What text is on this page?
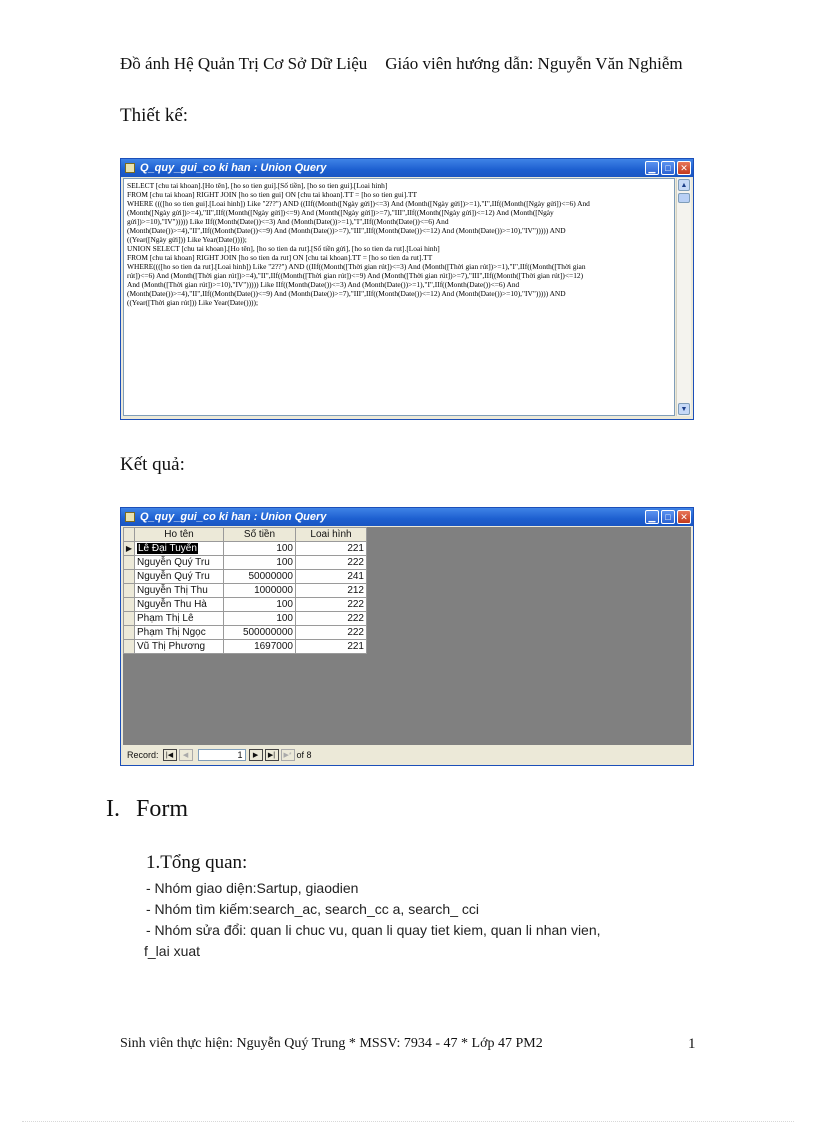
Đồ ánh Hệ Quản Trị Cơ Sở Dữ Liệu Giáo viên hướng dẫn: Nguyễn Văn Nghiễm
Thiết kế:
Q_quy_gui_co ki han : Union Query	▁	□	✕
SELECT [chu tai khoan].[Ho tên], [ho so tien gui].[Số tiền], [ho so tien gui].[Loai hinh]
FROM [chu tai khoan] RIGHT JOIN [ho so tien gui] ON [chu tai khoan].TT = [ho so tien gui].TT
WHERE ((([ho so tien gui].[Loai hinh]) Like "2??") AND ((IIf((Month([Ngày gửi])<=3) And (Month([Ngày gửi])>=1),"I",IIf((Month([Ngày gửi])<=6) And
(Month([Ngày gửi])>=4),"II",IIf((Month([Ngày gửi])<=9) And (Month([Ngày gửi])>=7),"III",IIf((Month([Ngày gửi])<=12) And (Month([Ngày
gửi])>=10),"IV"))))) Like IIf((Month(Date())<=3) And (Month(Date())>=1),"I",IIf((Month(Date())<=6) And
(Month(Date())>=4),"II",IIf((Month(Date())<=9) And (Month(Date())>=7),"III",IIf((Month(Date())<=12) And (Month(Date())>=10),"IV"))))) AND
((Year([Ngày gửi])) Like Year(Date())));
UNION SELECT [chu tai khoan].[Ho tên], [ho so tien da rut].[Số tiền gửi], [ho so tien da rut].[Loai hinh]
FROM [chu tai khoan] RIGHT JOIN [ho so tien da rut] ON [chu tai khoan].TT = [ho so tien da rut].TT
WHERE((([ho so tien da rut].[Loai hinh]) Like "2??") AND ((IIf((Month([Thời gian rút])<=3) And (Month([Thời gian rút])>=1),"I",IIf((Month([Thời gian
rút])<=6) And (Month([Thời gian rút])>=4),"II",IIf((Month([Thời gian rút])<=9) And (Month([Thời gian rút])>=7),"III",IIf((Month([Thời gian rút])<=12)
And (Month([Thời gian rút])>=10),"IV"))))) Like IIf((Month(Date())<=3) And (Month(Date())>=1),"I",IIf((Month(Date())<=6) And
(Month(Date())>=4),"II",IIf((Month(Date())<=9) And (Month(Date())>=7),"III",IIf((Month(Date())<=12) And (Month(Date())>=10),"IV"))))) AND
((Year([Thời gian rút])) Like Year(Date())));
▲
▼
Kết quả:
Q_quy_gui_co ki han : Union Query	▁	□	✕
	Ho tên	Số tiền	Loai hình
▶	Lê Đại Tuyến	100	221
	Nguyễn Quý Tru	100	222
	Nguyễn Quý Tru	50000000	241
	Nguyễn Thị Thu	1000000	212
	Nguyễn Thu Hà	100	222
	Phạm Thị Lê	100	222
	Phạm Thị Ngọc	500000000	222
	Vũ Thị Phương	1697000	221
Record:	|◀	◀	1	▶	▶|	▶* of 8
I. Form
1.Tổng quan:
- Nhóm giao diện:Sartup, giaodien
- Nhóm tìm kiếm:search_ac, search_cc a, search_ cci
- Nhóm sửa đổi: quan li chuc vu, quan li quay tiet kiem, quan li nhan vien,
f_lai xuat
Sinh viên thực hiện: Nguyễn Quý Trung * MSSV: 7934 - 47 * Lớp 47 PM2	1
